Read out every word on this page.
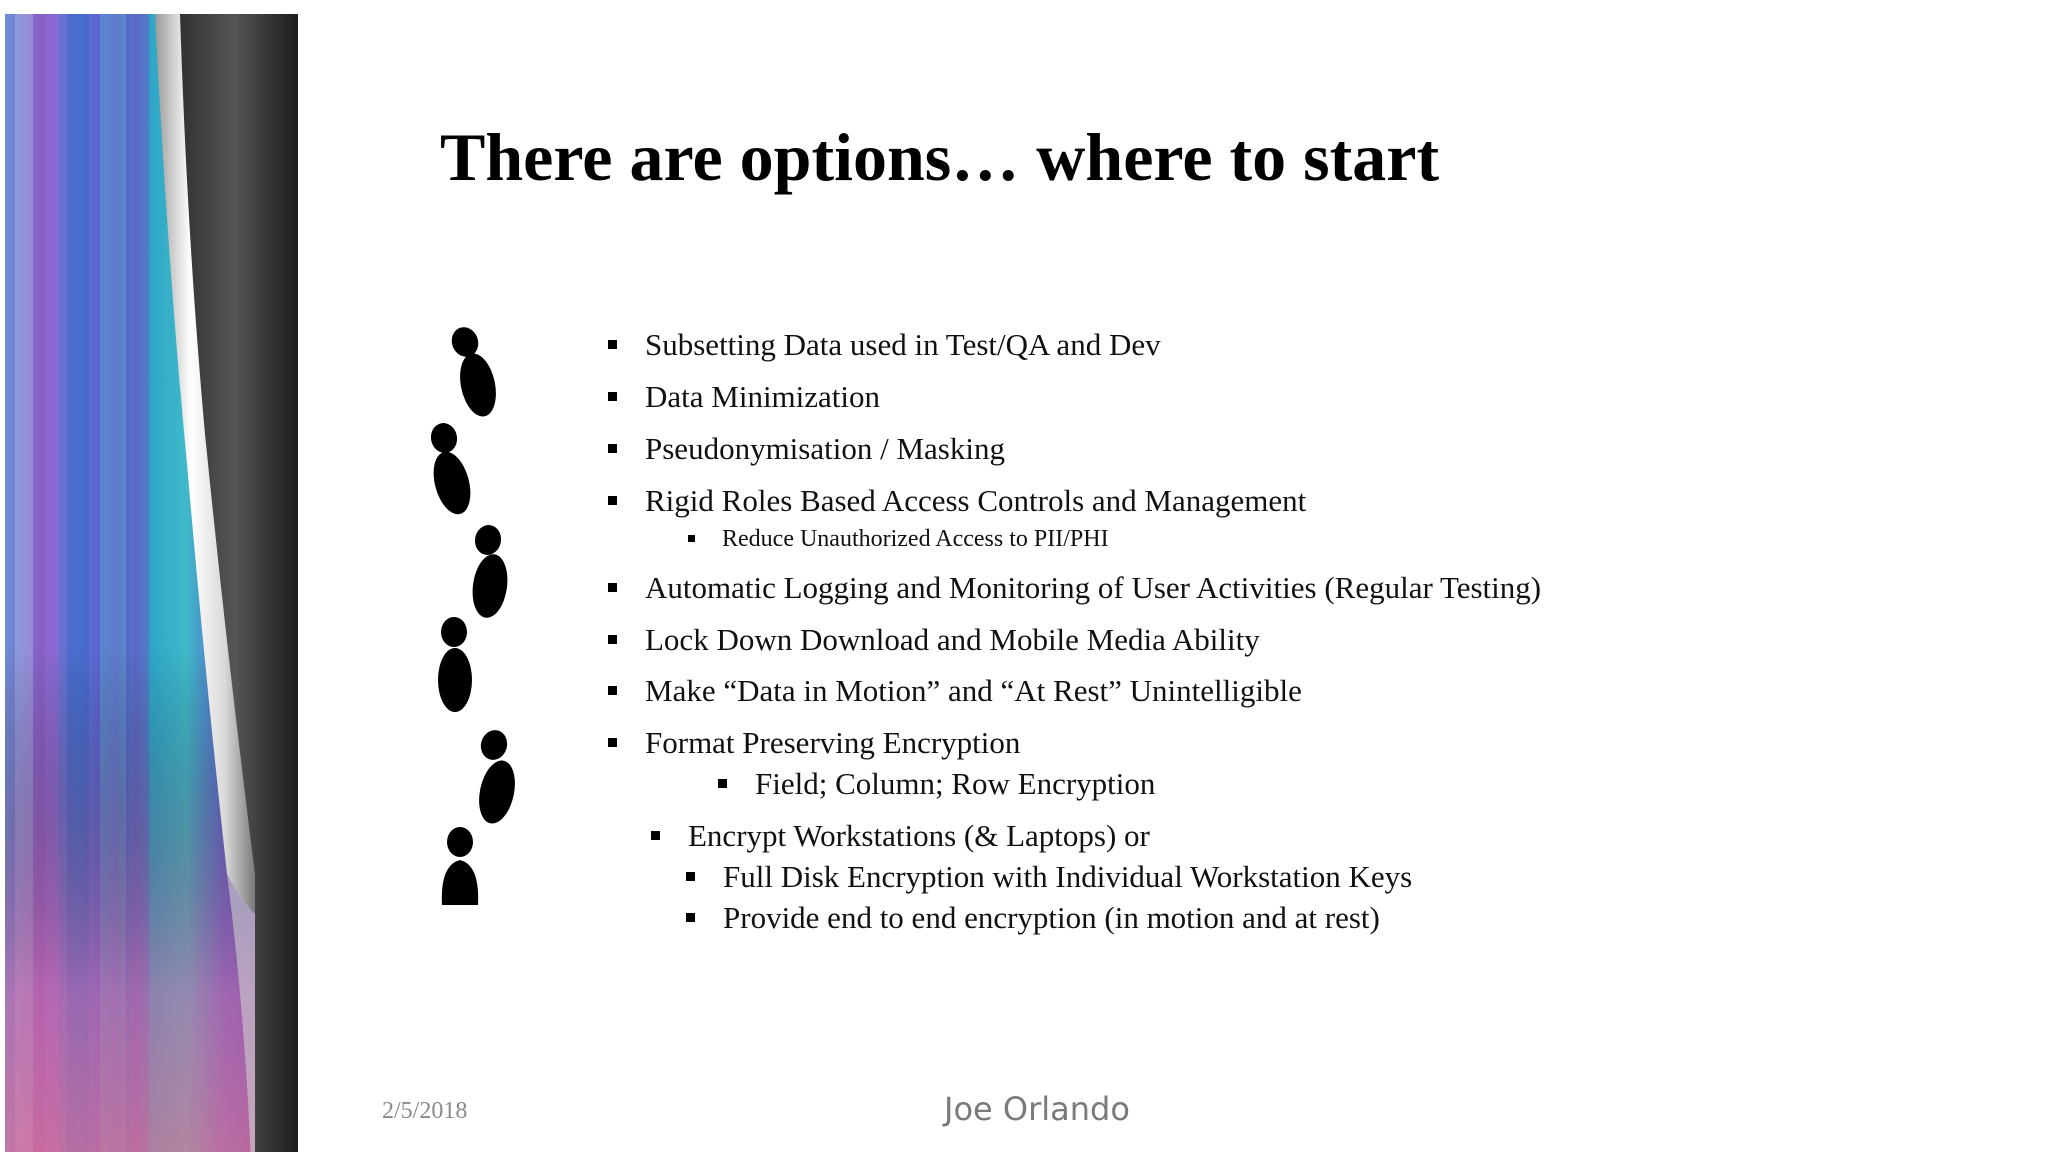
There are options… where to start
Subsetting Data used in Test/QA and Dev
Data Minimization
Pseudonymisation / Masking
Rigid Roles Based Access Controls and Management
Reduce Unauthorized Access to PII/PHI
Automatic Logging and Monitoring of User Activities (Regular Testing)
Lock Down Download and Mobile Media Ability
Make “Data in Motion” and “At Rest” Unintelligible
Format Preserving Encryption
Field; Column; Row Encryption
Encrypt Workstations (& Laptops) or
Full Disk Encryption with Individual Workstation Keys
Provide end to end encryption (in motion and at rest)
2/5/2018	Joe Orlando
